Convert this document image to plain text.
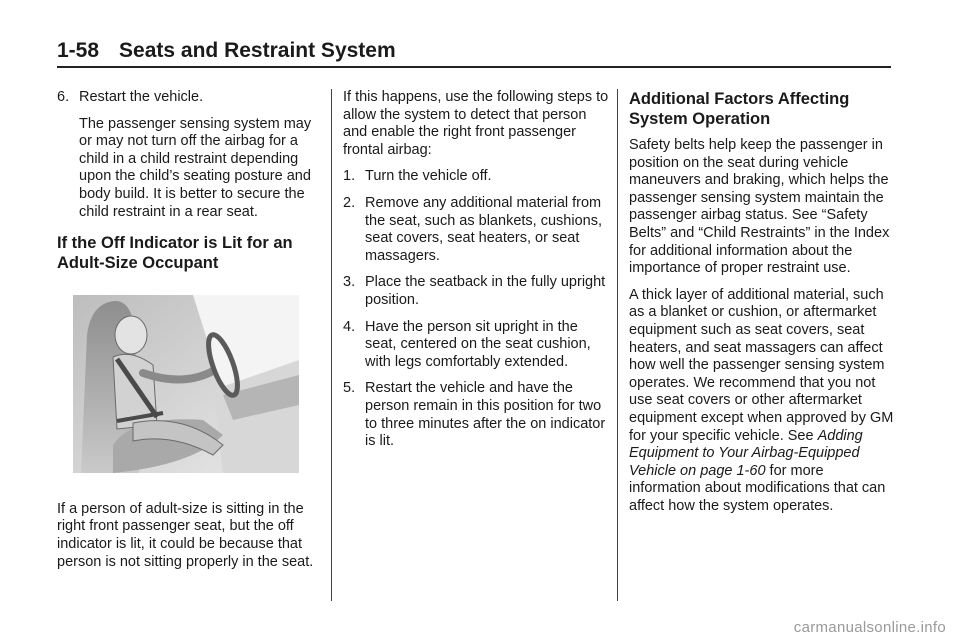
1-58 Seats and Restraint System
6. Restart the vehicle.

The passenger sensing system may or may not turn off the airbag for a child in a child restraint depending upon the child’s seating posture and body build. It is better to secure the child restraint in a rear seat.

If the Off Indicator is Lit for an Adult-Size Occupant

If a person of adult-size is sitting in the right front passenger seat, but the off indicator is lit, it could be because that person is not sitting properly in the seat.

If this happens, use the following steps to allow the system to detect that person and enable the right front passenger frontal airbag:

1. Turn the vehicle off.
2. Remove any additional material from the seat, such as blankets, cushions, seat covers, seat heaters, or seat massagers.
3. Place the seatback in the fully upright position.
4. Have the person sit upright in the seat, centered on the seat cushion, with legs comfortably extended.
5. Restart the vehicle and have the person remain in this position for two to three minutes after the on indicator is lit.
Additional Factors Affecting System Operation

Safety belts help keep the passenger in position on the seat during vehicle maneuvers and braking, which helps the passenger sensing system maintain the passenger airbag status. See “Safety Belts” and “Child Restraints” in the Index for additional information about the importance of proper restraint use.

A thick layer of additional material, such as a blanket or cushion, or aftermarket equipment such as seat covers, seat heaters, and seat massagers can affect how well the passenger sensing system operates. We recommend that you not use seat covers or other aftermarket equipment except when approved by GM for your specific vehicle. See Adding Equipment to Your Airbag-Equipped Vehicle on page 1-60 for more information about modifications that can affect how the system operates.

carmanualsonline.info
